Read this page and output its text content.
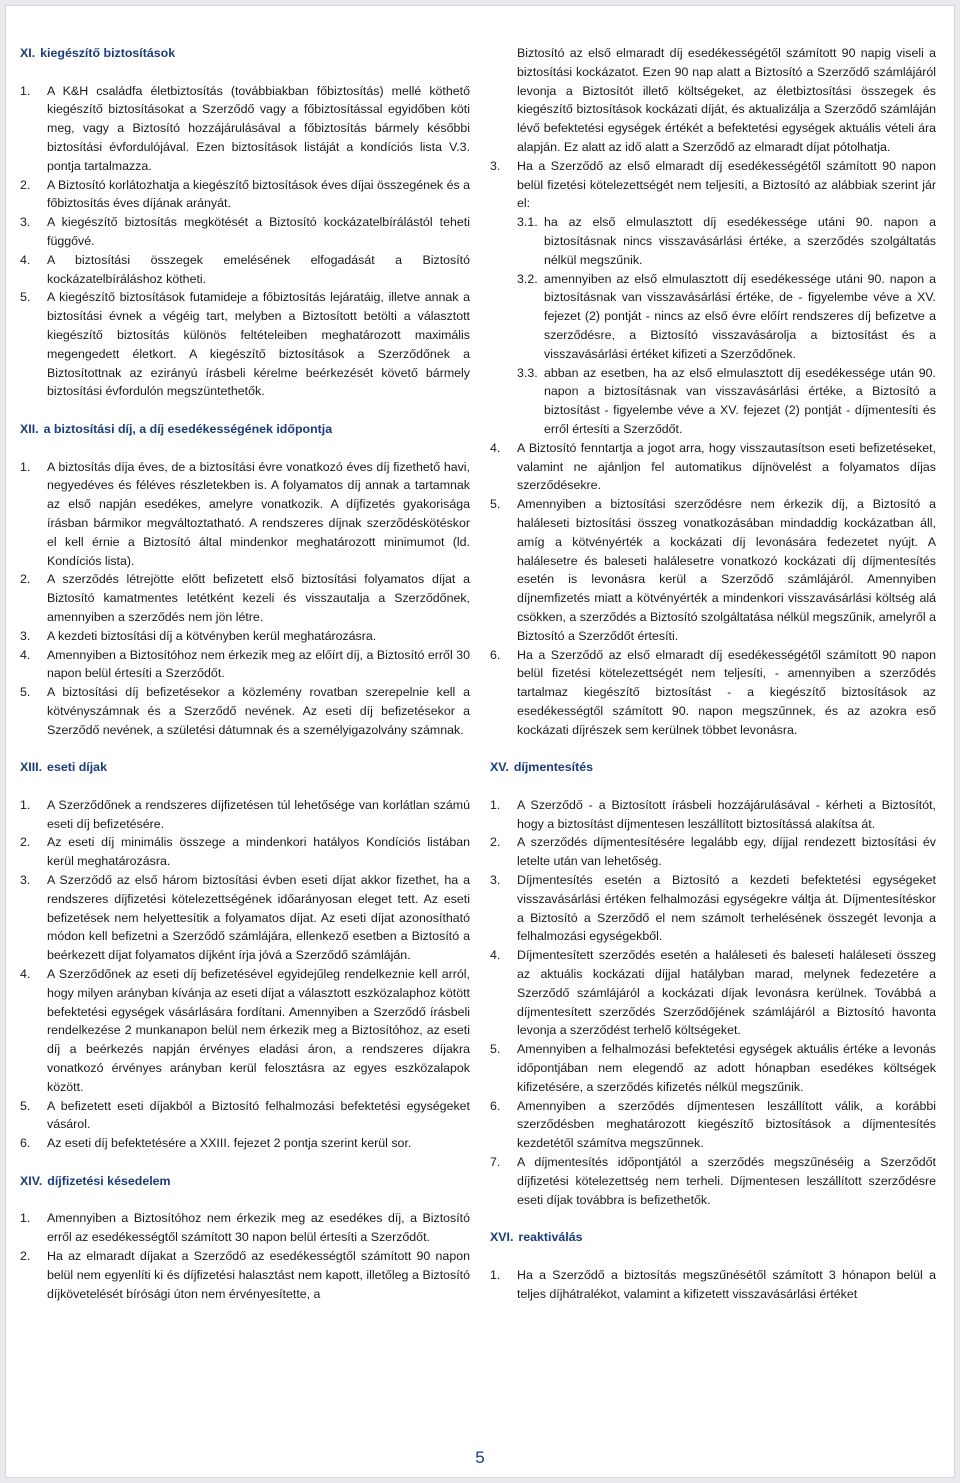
XI. kiegészítő biztosítások
1.	A K&H családfa életbiztosítás (továbbiakban főbiztosítás) mellé köthető kiegészítő biztosításokat a Szerződő vagy a főbiztosítással egyidőben köti meg, vagy a Biztosító hozzájárulásával a főbiztosítás bármely későbbi biztosítási évfordulójával. Ezen biztosítások listáját a kondíciós lista V.3. pontja tartalmazza.
2.	A Biztosító korlátozhatja a kiegészítő biztosítások éves díjai összegének és a főbiztosítás éves díjának arányát.
3.	A kiegészítő biztosítás megkötését a Biztosító kockázatelbírálástól teheti függővé.
4.	A biztosítási összegek emelésének elfogadását a Biztosító kockázatelbíráláshoz kötheti.
5.	A kiegészítő biztosítások futamideje a főbiztosítás lejáratáig, illetve annak a biztosítási évnek a végéig tart, melyben a Biztosított betölti a választott kiegészítő biztosítás különös feltételeiben meghatározott maximális megengedett életkort. A kiegészítő biztosítások a Szerződőnek a Biztosítottnak az ezirányú írásbeli kérelme beérkezését követő bármely biztosítási évfordulón megszüntethetők.
XII. a biztosítási díj, a díj esedékességének időpontja
1.	A biztosítás díja éves, de a biztosítási évre vonatkozó éves díj fizethető havi, negyedéves és féléves részletekben is. A folyamatos díj annak a tartamnak az első napján esedékes, amelyre vonatkozik. A díjfizetés gyakorisága írásban bármikor megváltoztatható. A rendszeres díjnak szerződéskötéskor el kell érnie a Biztosító által mindenkor meghatározott minimumot (ld. Kondíciós lista).
2.	A szerződés létrejötte előtt befizetett első biztosítási folyamatos díjat a Biztosító kamatmentes letétként kezeli és visszautalja a Szerződőnek, amennyiben a szerződés nem jön létre.
3.	A kezdeti biztosítási díj a kötvényben kerül meghatározásra.
4.	Amennyiben a Biztosítóhoz nem érkezik meg az előírt díj, a Biztosító erről 30 napon belül értesíti a Szerződőt.
5.	A biztosítási díj befizetésekor a közlemény rovatban szerepelnie kell a kötvényszámnak és a Szerződő nevének. Az eseti díj befizetésekor a Szerződő nevének, a születési dátumnak és a személyigazolvány számnak.
XIII. eseti díjak
1.	A Szerződőnek a rendszeres díjfizetésen túl lehetősége van korlátlan számú eseti díj befizetésére.
2.	Az eseti díj minimális összege a mindenkori hatályos Kondíciós listában kerül meghatározásra.
3.	A Szerződő az első három biztosítási évben eseti díjat akkor fizethet, ha a rendszeres díjfizetési kötelezettségének időarányosan eleget tett. Az eseti befizetések nem helyettesítik a folyamatos díjat. Az eseti díjat azonosítható módon kell befizetni a Szerződő számlájára, ellenkező esetben a Biztosító a beérkezett díjat folyamatos díjként írja jóvá a Szerződő számláján.
4.	A Szerződőnek az eseti díj befizetésével egyidejűleg rendelkeznie kell arról, hogy milyen arányban kívánja az eseti díjat a választott eszközalaphoz kötött befektetési egységek vásárlására fordítani. Amennyiben a Szerződő írásbeli rendelkezése 2 munkanapon belül nem érkezik meg a Biztosítóhoz, az eseti díj a beérkezés napján érvényes eladási áron, a rendszeres díjakra vonatkozó érvényes arányban kerül felosztásra az egyes eszközalapok között.
5.	A befizetett eseti díjakból a Biztosító felhalmozási befektetési egységeket vásárol.
6.	Az eseti díj befektetésére a XXIII. fejezet 2 pontja szerint kerül sor.
XIV. díjfizetési késedelem
1.	Amennyiben a Biztosítóhoz nem érkezik meg az esedékes díj, a Biztosító erről az esedékességtől számított 30 napon belül értesíti a Szerződőt.
2.	Ha az elmaradt díjakat a Szerződő az esedékességtől számított 90 napon belül nem egyenlíti ki és díjfizetési halasztást nem kapott, illetőleg a Biztosító díjkövetelését bírósági úton nem érvényesítette, a
Biztosító az első elmaradt díj esedékességétől számított 90 napig viseli a biztosítási kockázatot. Ezen 90 nap alatt a Biztosító a Szerződő számlájáról levonja a Biztosítót illető költségeket, az életbiztosítási összegek és kiegészítő biztosítások kockázati díját, és aktualizálja a Szerződő számláján lévő befektetési egységek értékét a befektetési egységek aktuális vételi ára alapján. Ez alatt az idő alatt a Szerződő az elmaradt díjat pótolhatja.
3.	Ha a Szerződő az első elmaradt díj esedékességétől számított 90 napon belül fizetési kötelezettségét nem teljesíti, a Biztosító az alábbiak szerint jár el:
3.1. ha az első elmulasztott díj esedékessége utáni 90. napon a biztosításnak nincs visszavásárlási értéke, a szerződés szolgáltatás nélkül megszűnik.
3.2. amennyiben az első elmulasztott díj esedékessége utáni 90. napon a biztosításnak van visszavásárlási értéke, de - figyelembe véve a XV. fejezet (2) pontját - nincs az első évre előírt rendszeres díj befizetve a szerződésre, a Biztosító visszavásárolja a biztosítást és a visszavásárlási értéket kifizeti a Szerződőnek.
3.3. abban az esetben, ha az első elmulasztott díj esedékessége után 90. napon a biztosításnak van visszavásárlási értéke, a Biztosító a biztosítást - figyelembe véve a XV. fejezet (2) pontját - díjmentesíti és erről értesíti a Szerződőt.
4.	A Biztosító fenntartja a jogot arra, hogy visszautasítson eseti befizetéseket, valamint ne ajánljon fel automatikus díjnövelést a folyamatos díjas szerződésekre.
5.	Amennyiben a biztosítási szerződésre nem érkezik díj, a Biztosító a haláleseti biztosítási összeg vonatkozásában mindaddig kockázatban áll, amíg a kötvényérték a kockázati díj levonására fedezetet nyújt. A halálesetre és baleseti halálesetre vonatkozó kockázati díj díjmentesítés esetén is levonásra kerül a Szerződő számlájáról. Amennyiben díjnemfizetés miatt a kötvényérték a mindenkori visszavásárlási költség alá csökken, a szerződés a Biztosító szolgáltatása nélkül megszűnik, amelyről a Biztosító a Szerződőt értesíti.
6.	Ha a Szerződő az első elmaradt díj esedékességétől számított 90 napon belül fizetési kötelezettségét nem teljesíti, - amennyiben a szerződés tartalmaz kiegészítő biztosítást - a kiegészítő biztosítások az esedékességtől számított 90. napon megszűnnek, és az azokra eső kockázati díjrészek sem kerülnek többet levonásra.
XV. díjmentesítés
1.	A Szerződő - a Biztosított írásbeli hozzájárulásával - kérheti a Biztosítót, hogy a biztosítást díjmentesen leszállított biztosítássá alakítsa át.
2.	A szerződés díjmentesítésére legalább egy, díjjal rendezett biztosítási év letelte után van lehetőség.
3.	Díjmentesítés esetén a Biztosító a kezdeti befektetési egységeket visszavásárlási értéken felhalmozási egységekre váltja át. Díjmentesítéskor a Biztosító a Szerződő el nem számolt terhelésének összegét levonja a felhalmozási egységekből.
4.	Díjmentesített szerződés esetén a haláleseti és baleseti haláleseti összeg az aktuális kockázati díjjal hatályban marad, melynek fedezetére a Szerződő számlájáról a kockázati díjak levonásra kerülnek. Továbbá a díjmentesített szerződés Szerződőjének számlájáról a Biztosító havonta levonja a szerződést terhelő költségeket.
5.	Amennyiben a felhalmozási befektetési egységek aktuális értéke a levonás időpontjában nem elegendő az adott hónapban esedékes költségek kifizetésére, a szerződés kifizetés nélkül megszűnik.
6.	Amennyiben a szerződés díjmentesen leszállított válik, a korábbi szerződésben meghatározott kiegészítő biztosítások a díjmentesítés kezdetétől számítva megszűnnek.
7.	A díjmentesítés időpontjától a szerződés megszűnéséig a Szerződőt díjfizetési kötelezettség nem terheli. Díjmentesen leszállított szerződésre eseti díjak továbbra is befizethetők.
XVI. reaktiválás
1.	Ha a Szerződő a biztosítás megszűnésétől számított 3 hónapon belül a teljes díjhátralékot, valamint a kifizetett visszavásárlási értéket
5
